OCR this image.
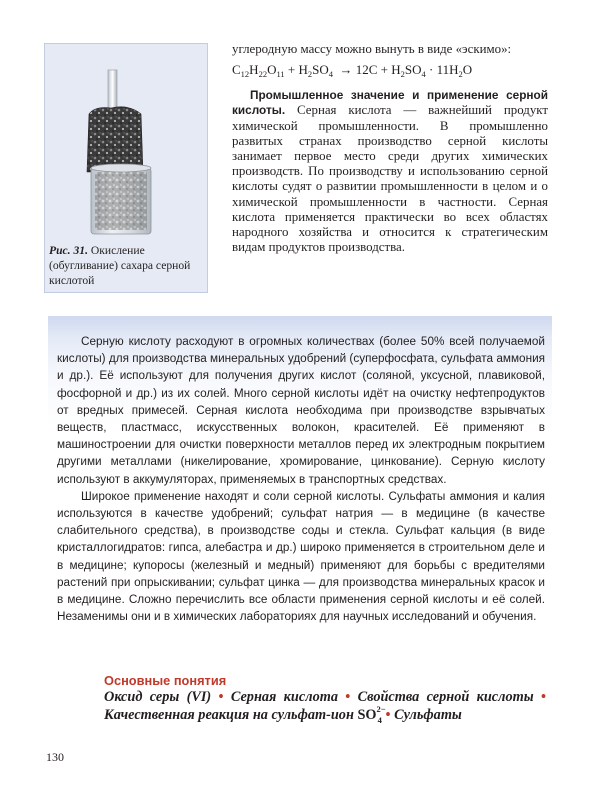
Рис. 31. Окисление (обугливание) сахара серной кислотой
углеродную массу можно вынуть в виде «эскимо»:
$C_{12}H_{22}O_{11} + H_2SO_4 \to 12C + H_2SO_4 \cdot 11H_2O$

Промышленное значение и применение серной кислоты. Серная кислота — важнейший продукт химической промышленности. В промышленно развитых странах производство серной кислоты занимает первое место среди других химических производств. По производству и использованию серной кислоты судят о развитии промышленности в целом и о химической промышленности в частности. Серная кислота применяется практически во всех областях народного хозяйства и относится к стратегическим видам продуктов производства.

Серную кислоту расходуют в огромных количествах (более 50% всей получаемой кислоты) для производства минеральных удобрений (суперфосфата, сульфата аммония и др.). Её используют для получения других кислот (соляной, уксусной, плавиковой, фосфорной и др.) из их солей. Много серной кислоты идёт на очистку нефтепродуктов от вредных примесей. Серная кислота необходима при производстве взрывчатых веществ, пластмасс, искусственных волокон, красителей. Её применяют в машиностроении для очистки поверхности металлов перед их электродным покрытием другими металлами (никелирование, хромирование, цинкование). Серную кислоту используют в аккумуляторах, применяемых в транспортных средствах.

Широкое применение находят и соли серной кислоты. Сульфаты аммония и калия используются в качестве удобрений; сульфат натрия — в медицине (в качестве слабительного средства), в производстве соды и стекла. Сульфат кальция (в виде кристаллогидратов: гипса, алебастра и др.) широко применяется в строительном деле и в медицине; купоросы (железный и медный) применяют для борьбы с вредителями растений при опрыскивании; сульфат цинка — для производства минеральных красок и в медицине. Сложно перечислить все области применения серной кислоты и её солей. Незаменимы они и в химических лабораториях для научных исследований и обучения.

Основные понятия
Оксид серы (VI) • Серная кислота • Свойства серной кислоты • Качественная реакция на сульфат-ион $SO^{2-}_4$ • Сульфаты
130
